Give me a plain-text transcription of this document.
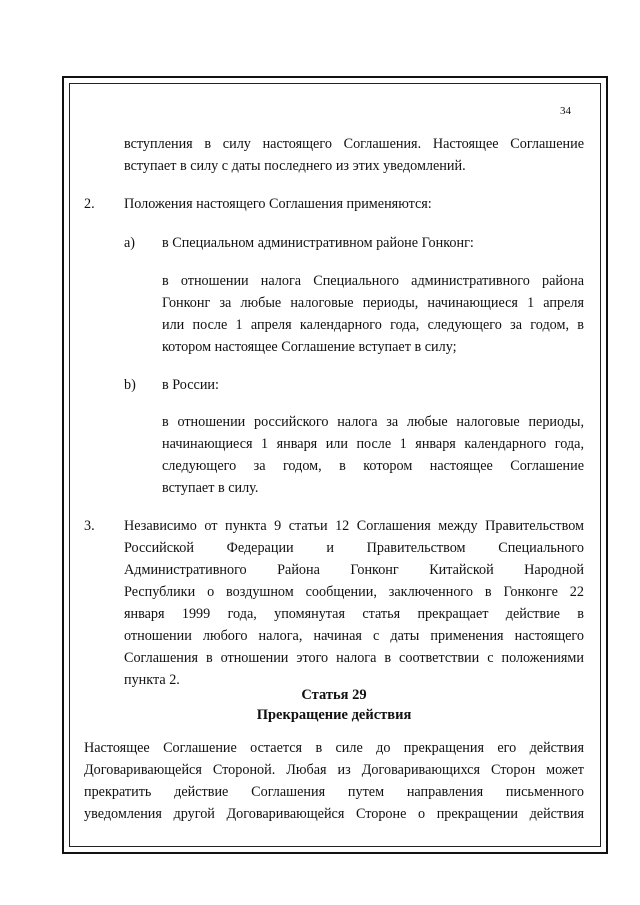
34
вступления в силу настоящего Соглашения. Настоящее Соглашение
вступает в силу с даты последнего из этих уведомлений.
2. Положения настоящего Соглашения применяются:
a) в Специальном административном районе Гонконг:
в отношении налога Специального административного района
Гонконг за любые налоговые периоды, начинающиеся 1 апреля
или после 1 апреля календарного года, следующего за годом, в
котором настоящее Соглашение вступает в силу;
b) в России:
в отношении российского налога за любые налоговые периоды,
начинающиеся 1 января или после 1 января календарного года,
следующего за годом, в котором настоящее Соглашение
вступает в силу.
3. Независимо от пункта 9 статьи 12 Соглашения между Правительством
Российской Федерации и Правительством Специального
Административного Района Гонконг Китайской Народной
Республики о воздушном сообщении, заключенного в Гонконге 22
января 1999 года, упомянутая статья прекращает действие в
отношении любого налога, начиная с даты применения настоящего
Соглашения в отношении этого налога в соответствии с положениями
пункта 2.
Статья 29
Прекращение действия
Настоящее Соглашение остается в силе до прекращения его действия
Договаривающейся Стороной. Любая из Договаривающихся Сторон может
прекратить действие Соглашения путем направления письменного
уведомления другой Договаривающейся Стороне о прекращении действия
